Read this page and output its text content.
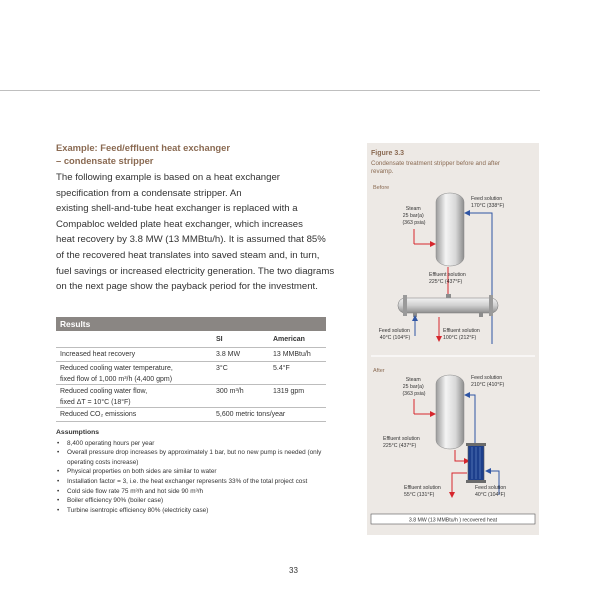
Example: Feed/effluent heat exchanger
– condensate stripper
The following example is based on a heat exchanger
specification from a condensate stripper. An
existing shell-and-tube heat exchanger is replaced with a
Compabloc welded plate heat exchanger, which increases
heat recovery by 3.8 MW (13 MMBtu/h). It is assumed that 85%
of the recovered heat translates into saved steam and, in turn,
fuel savings or increased electricity generation. The two diagrams
on the next page show the payback period for the investment.
Results
SI	American
Increased heat recovery	3.8 MW	13 MMBtu/h
Reduced cooling water temperature,
fixed flow of 1,000 m³/h (4,400 gpm)
3°C	5.4°F
Reduced cooling water flow,
fixed ΔT = 10°C (18°F)
300 m³/h	1319 gpm
Reduced CO₂ emissions	5,600 metric tons/year
Assumptions
• 8,400 operating hours per year
• Overall pressure drop increases by approximately 1 bar, but no new pump is needed (only operating costs increase)
• Physical properties on both sides are similar to water
• Installation factor = 3, i.e. the heat exchanger represents 33% of the total project cost
• Cold side flow rate 75 m³/h and hot side 90 m³/h
• Boiler efficiency 90% (boiler case)
• Turbine isentropic efficiency 80% (electricity case)
Figure 3.3
Condensate treatment stripper before and after
revamp.
Before
Steam 25 bar(a) (363 psia)
Feed solution 170°C (338°F)
Effluent solution 225°C (437°F)
Feed solution 40°C (104°F)
Effluent solution 100°C (212°F)
After
Steam 25 bar(a) (363 psia)
Feed solution 210°C (410°F)
Effluent solution 225°C (437°F)
Effluent solution 55°C (131°F)
Feed solution 40°C (104°F)
3.8 MW (13 MMBtu/h ) recovered heat
33
